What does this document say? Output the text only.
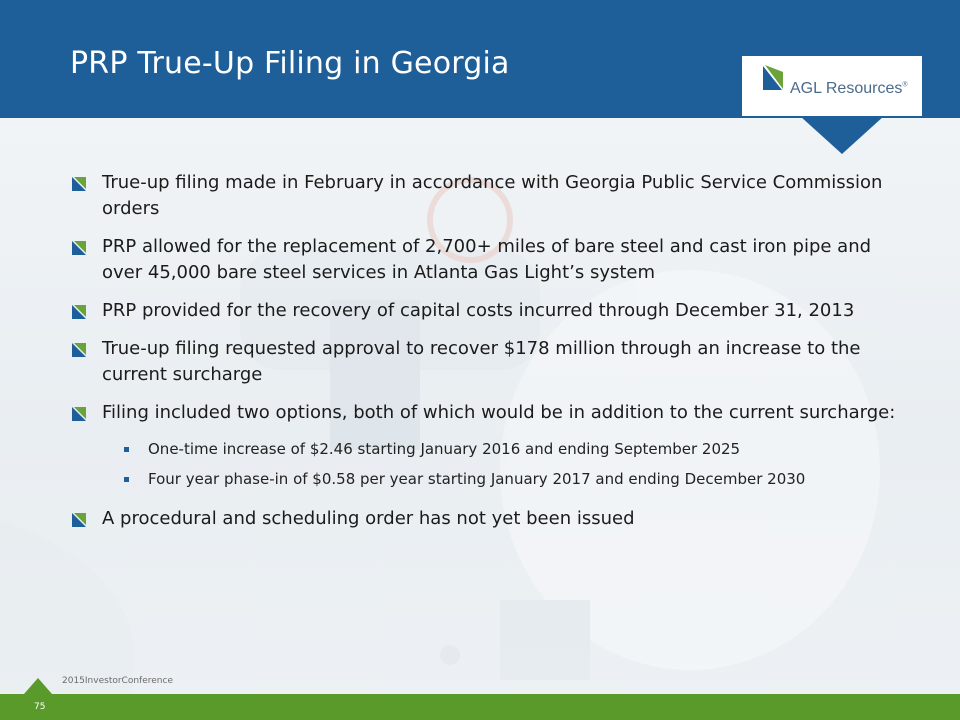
PRP True-Up Filing in Georgia
AGL Resources®
True-up filing made in February in accordance with Georgia Public Service Commission orders
PRP allowed for the replacement of 2,700+ miles of bare steel and cast iron pipe and over 45,000 bare steel services in Atlanta Gas Light’s system
PRP provided for the recovery of capital costs incurred through December 31, 2013
True-up filing requested approval to recover $178 million through an increase to the current surcharge
Filing included two options, both of which would be in addition to the current surcharge:
One-time increase of $2.46 starting January 2016 and ending September 2025
Four year phase-in of $0.58 per year starting January 2017 and ending December 2030
A procedural and scheduling order has not yet been issued
2015InvestorConference
75
